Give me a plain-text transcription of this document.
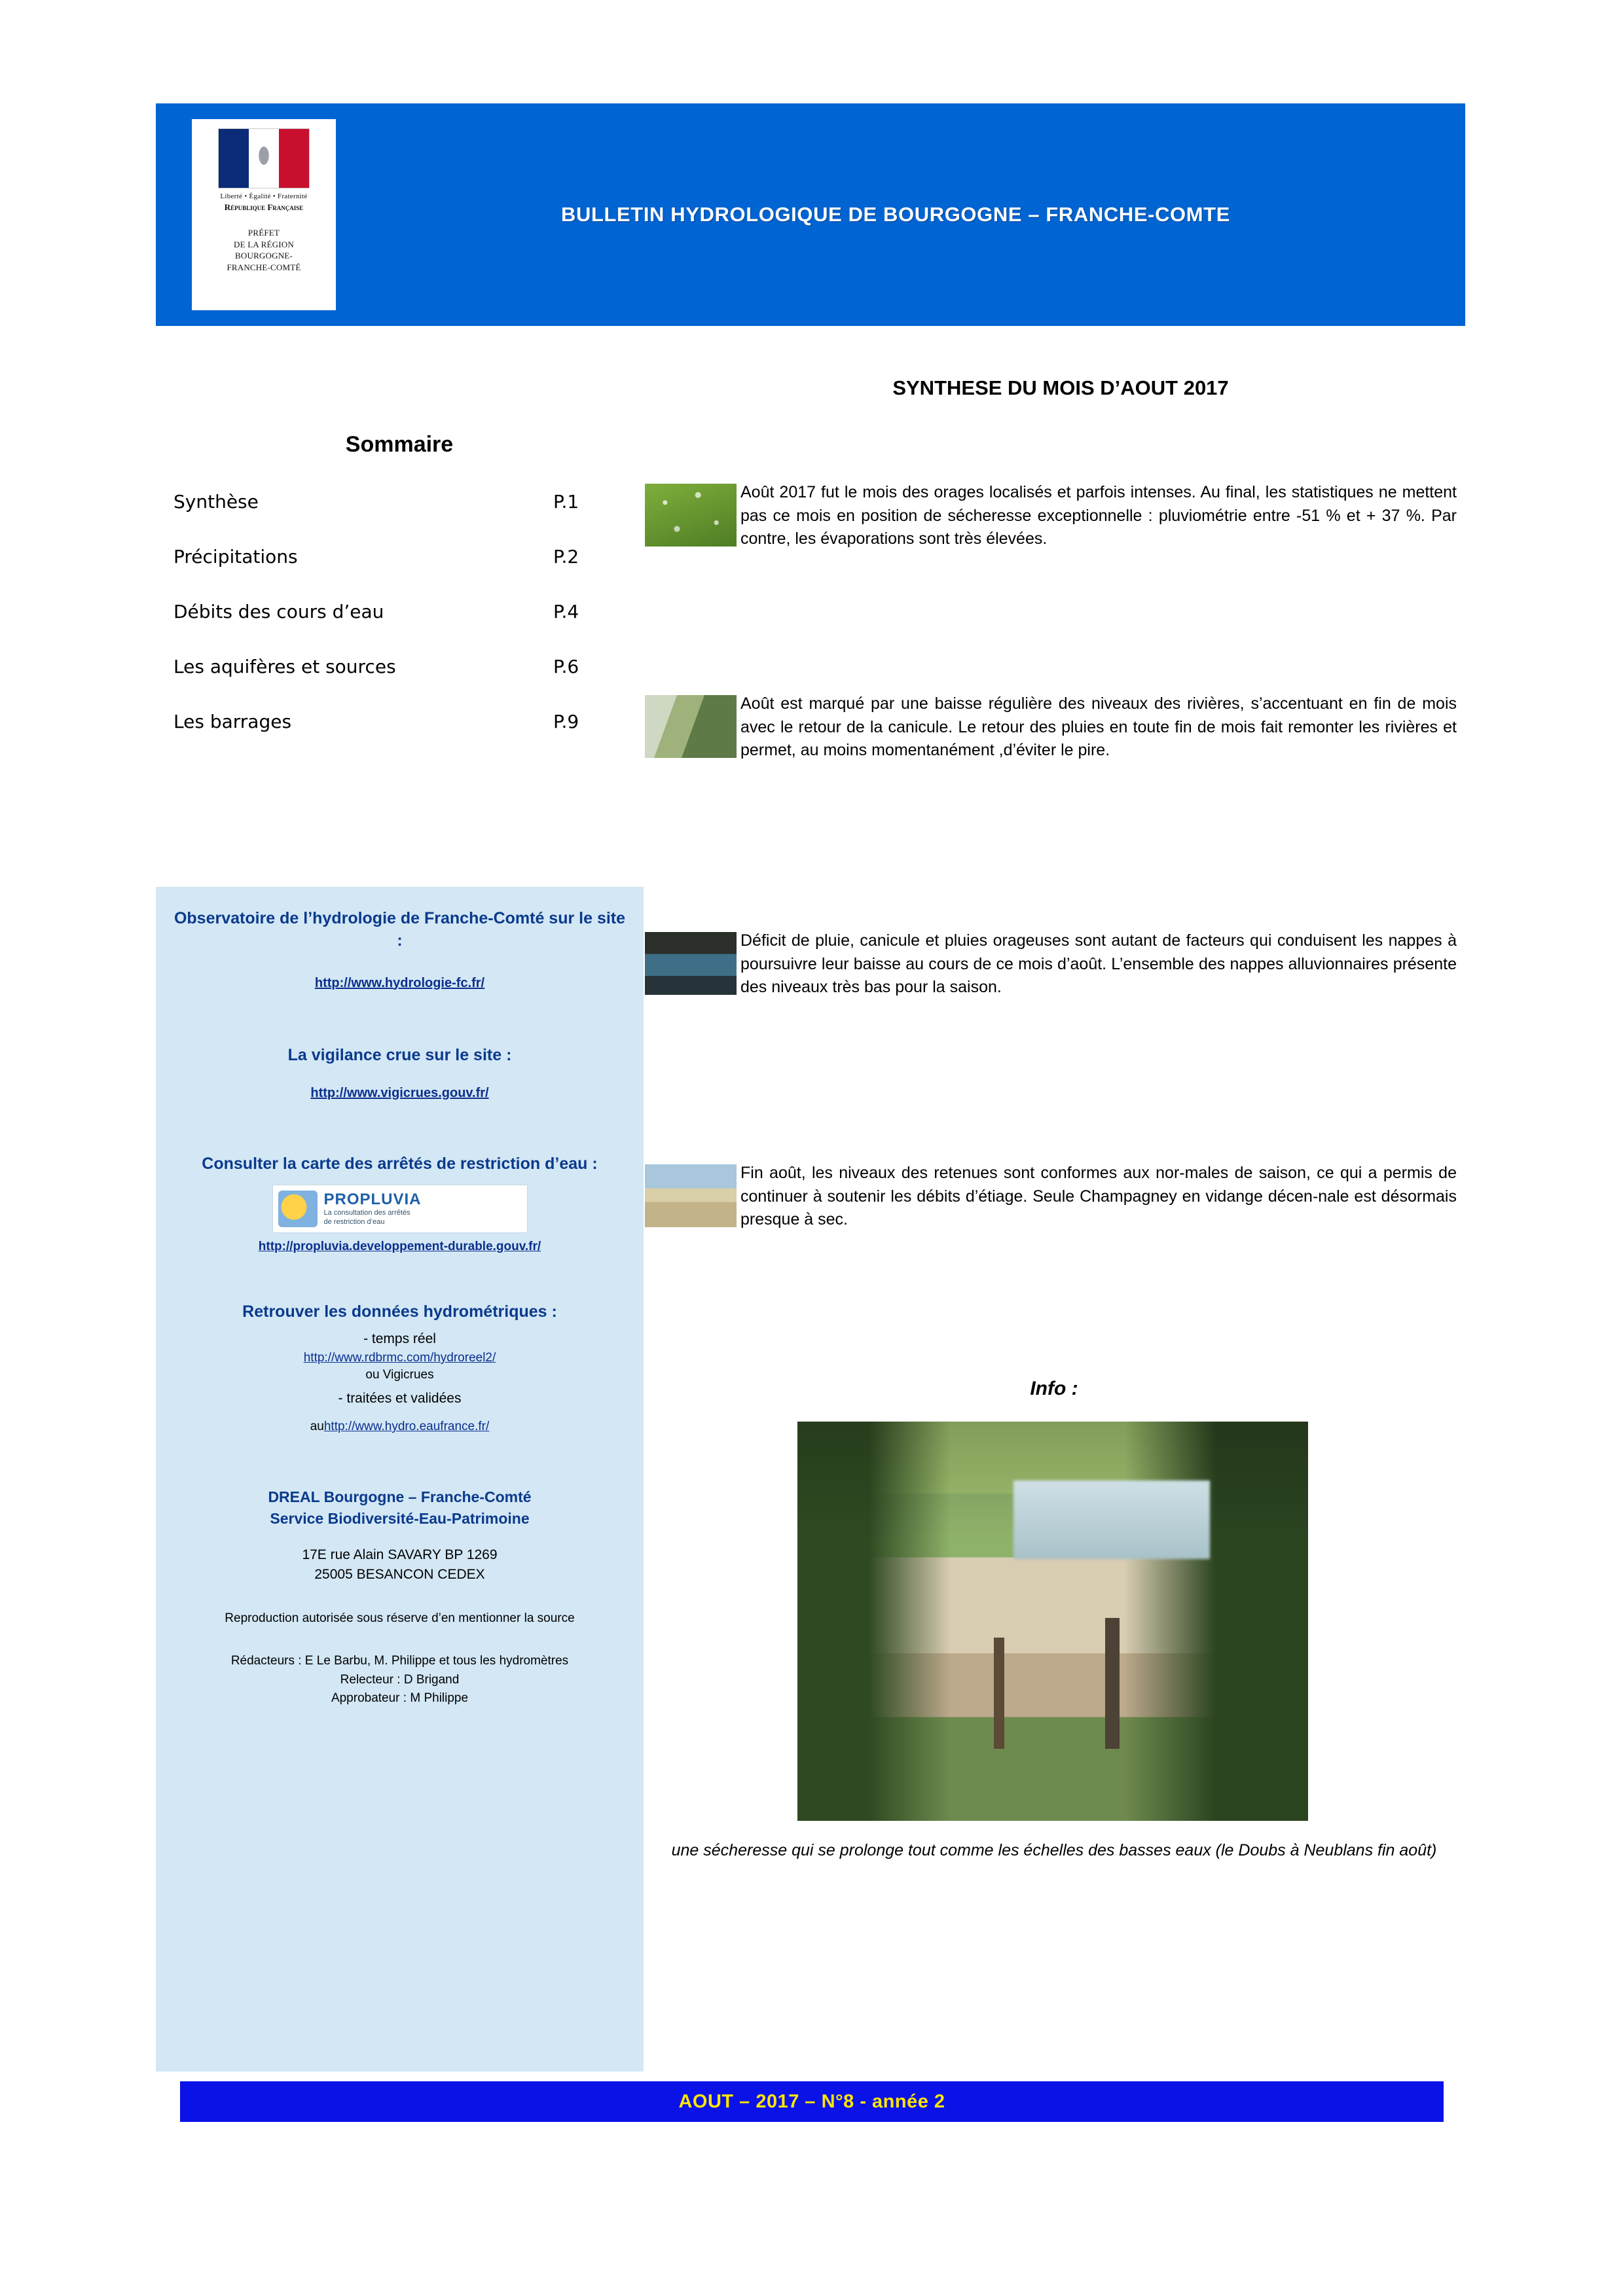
Liberté • Égalité • Fraternité
République Française
PRÉFET
DE LA RÉGION
BOURGOGNE-
FRANCHE-COMTÉ
BULLETIN HYDROLOGIQUE DE BOURGOGNE – FRANCHE-COMTE
SYNTHESE DU MOIS D’AOUT 2017
Sommaire
Synthèse	P.1
Précipitations	P.2
Débits des cours d’eau	P.4
Les aquifères et sources	P.6
Les barrages	P.9
Août 2017 fut le mois des orages localisés et parfois intenses. Au final, les statistiques ne mettent pas ce mois en position de sécheresse exceptionnelle : pluviométrie entre -51 % et + 37 %. Par contre, les évaporations sont très élevées.
Août est marqué par une baisse régulière des niveaux des rivières, s’accentuant en fin de mois avec le retour de la canicule. Le retour des pluies en toute fin de mois fait remonter les rivières et permet, au moins momentanément ,d’éviter le pire.
Déficit de pluie, canicule et pluies orageuses sont autant de facteurs qui conduisent les nappes à poursuivre leur baisse au cours de ce mois d’août. L’ensemble des nappes alluvionnaires présente des niveaux très bas pour la saison.
Fin août, les niveaux des retenues sont conformes aux nor-males de saison, ce qui a permis de continuer à soutenir les débits d’étiage. Seule Champagney en vidange décen-nale est désormais presque à sec.
Observatoire de l’hydrologie de Franche-Comté sur le site :
http://www.hydrologie-fc.fr/
La vigilance crue sur le site :
http://www.vigicrues.gouv.fr/
Consulter la carte des arrêtés de restriction d’eau :
PROPLUVIA
La consultation des arrêtés
de restriction d’eau
http://propluvia.developpement-durable.gouv.fr/
Retrouver les données hydrométriques :
- temps réel
http://www.rdbrmc.com/hydroreel2/
ou Vigicrues
- traitées et validées
auhttp://www.hydro.eaufrance.fr/
DREAL Bourgogne – Franche-Comté
Service Biodiversité-Eau-Patrimoine
17E rue Alain SAVARY BP 1269
25005 BESANCON CEDEX
Reproduction autorisée sous réserve d’en mentionner la source
Rédacteurs : E Le Barbu, M. Philippe et tous les hydromètres
Relecteur : D Brigand
Approbateur : M Philippe
Info :
une sécheresse qui se prolonge tout comme les échelles des basses eaux (le Doubs à Neublans fin août)
AOUT – 2017 – N°8 - année 2
